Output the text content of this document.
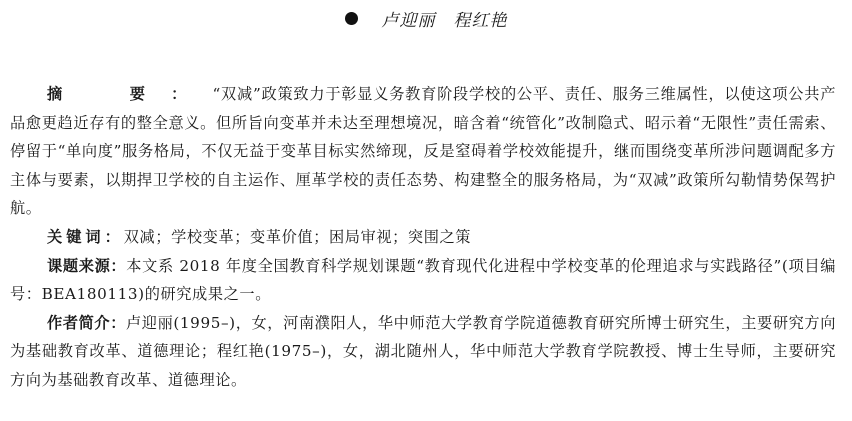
卢迎丽 程红艳

摘　要：“双减”政策致力于彰显义务教育阶段学校的公平、责任、服务三维属性，以使这项公共产品愈更趋近存有的整全意义。但所旨向变革并未达至理想境况，暗含着“统管化”改制隐式、昭示着“无限性”责任需索、停留于“单向度”服务格局，不仅无益于变革目标实然缔现，反是窒碍着学校效能提升，继而围绕变革所涉问题调配多方主体与要素，以期捍卫学校的自主运作、厘革学校的责任态势、构建整全的服务格局，为“双减”政策所勾勒情势保驾护航。

关键词：双减；学校变革；变革价值；困局审视；突围之策

课题来源：本文系 2018 年度全国教育科学规划课题“教育现代化进程中学校变革的伦理追求与实践路径”(项目编号：BEA180113)的研究成果之一。

作者简介：卢迎丽(1995–)，女，河南濮阳人，华中师范大学教育学院道德教育研究所博士研究生，主要研究方向为基础教育改革、道德理论；程红艳(1975–)，女，湖北随州人，华中师范大学教育学院教授、博士生导师，主要研究方向为基础教育改革、道德理论。
